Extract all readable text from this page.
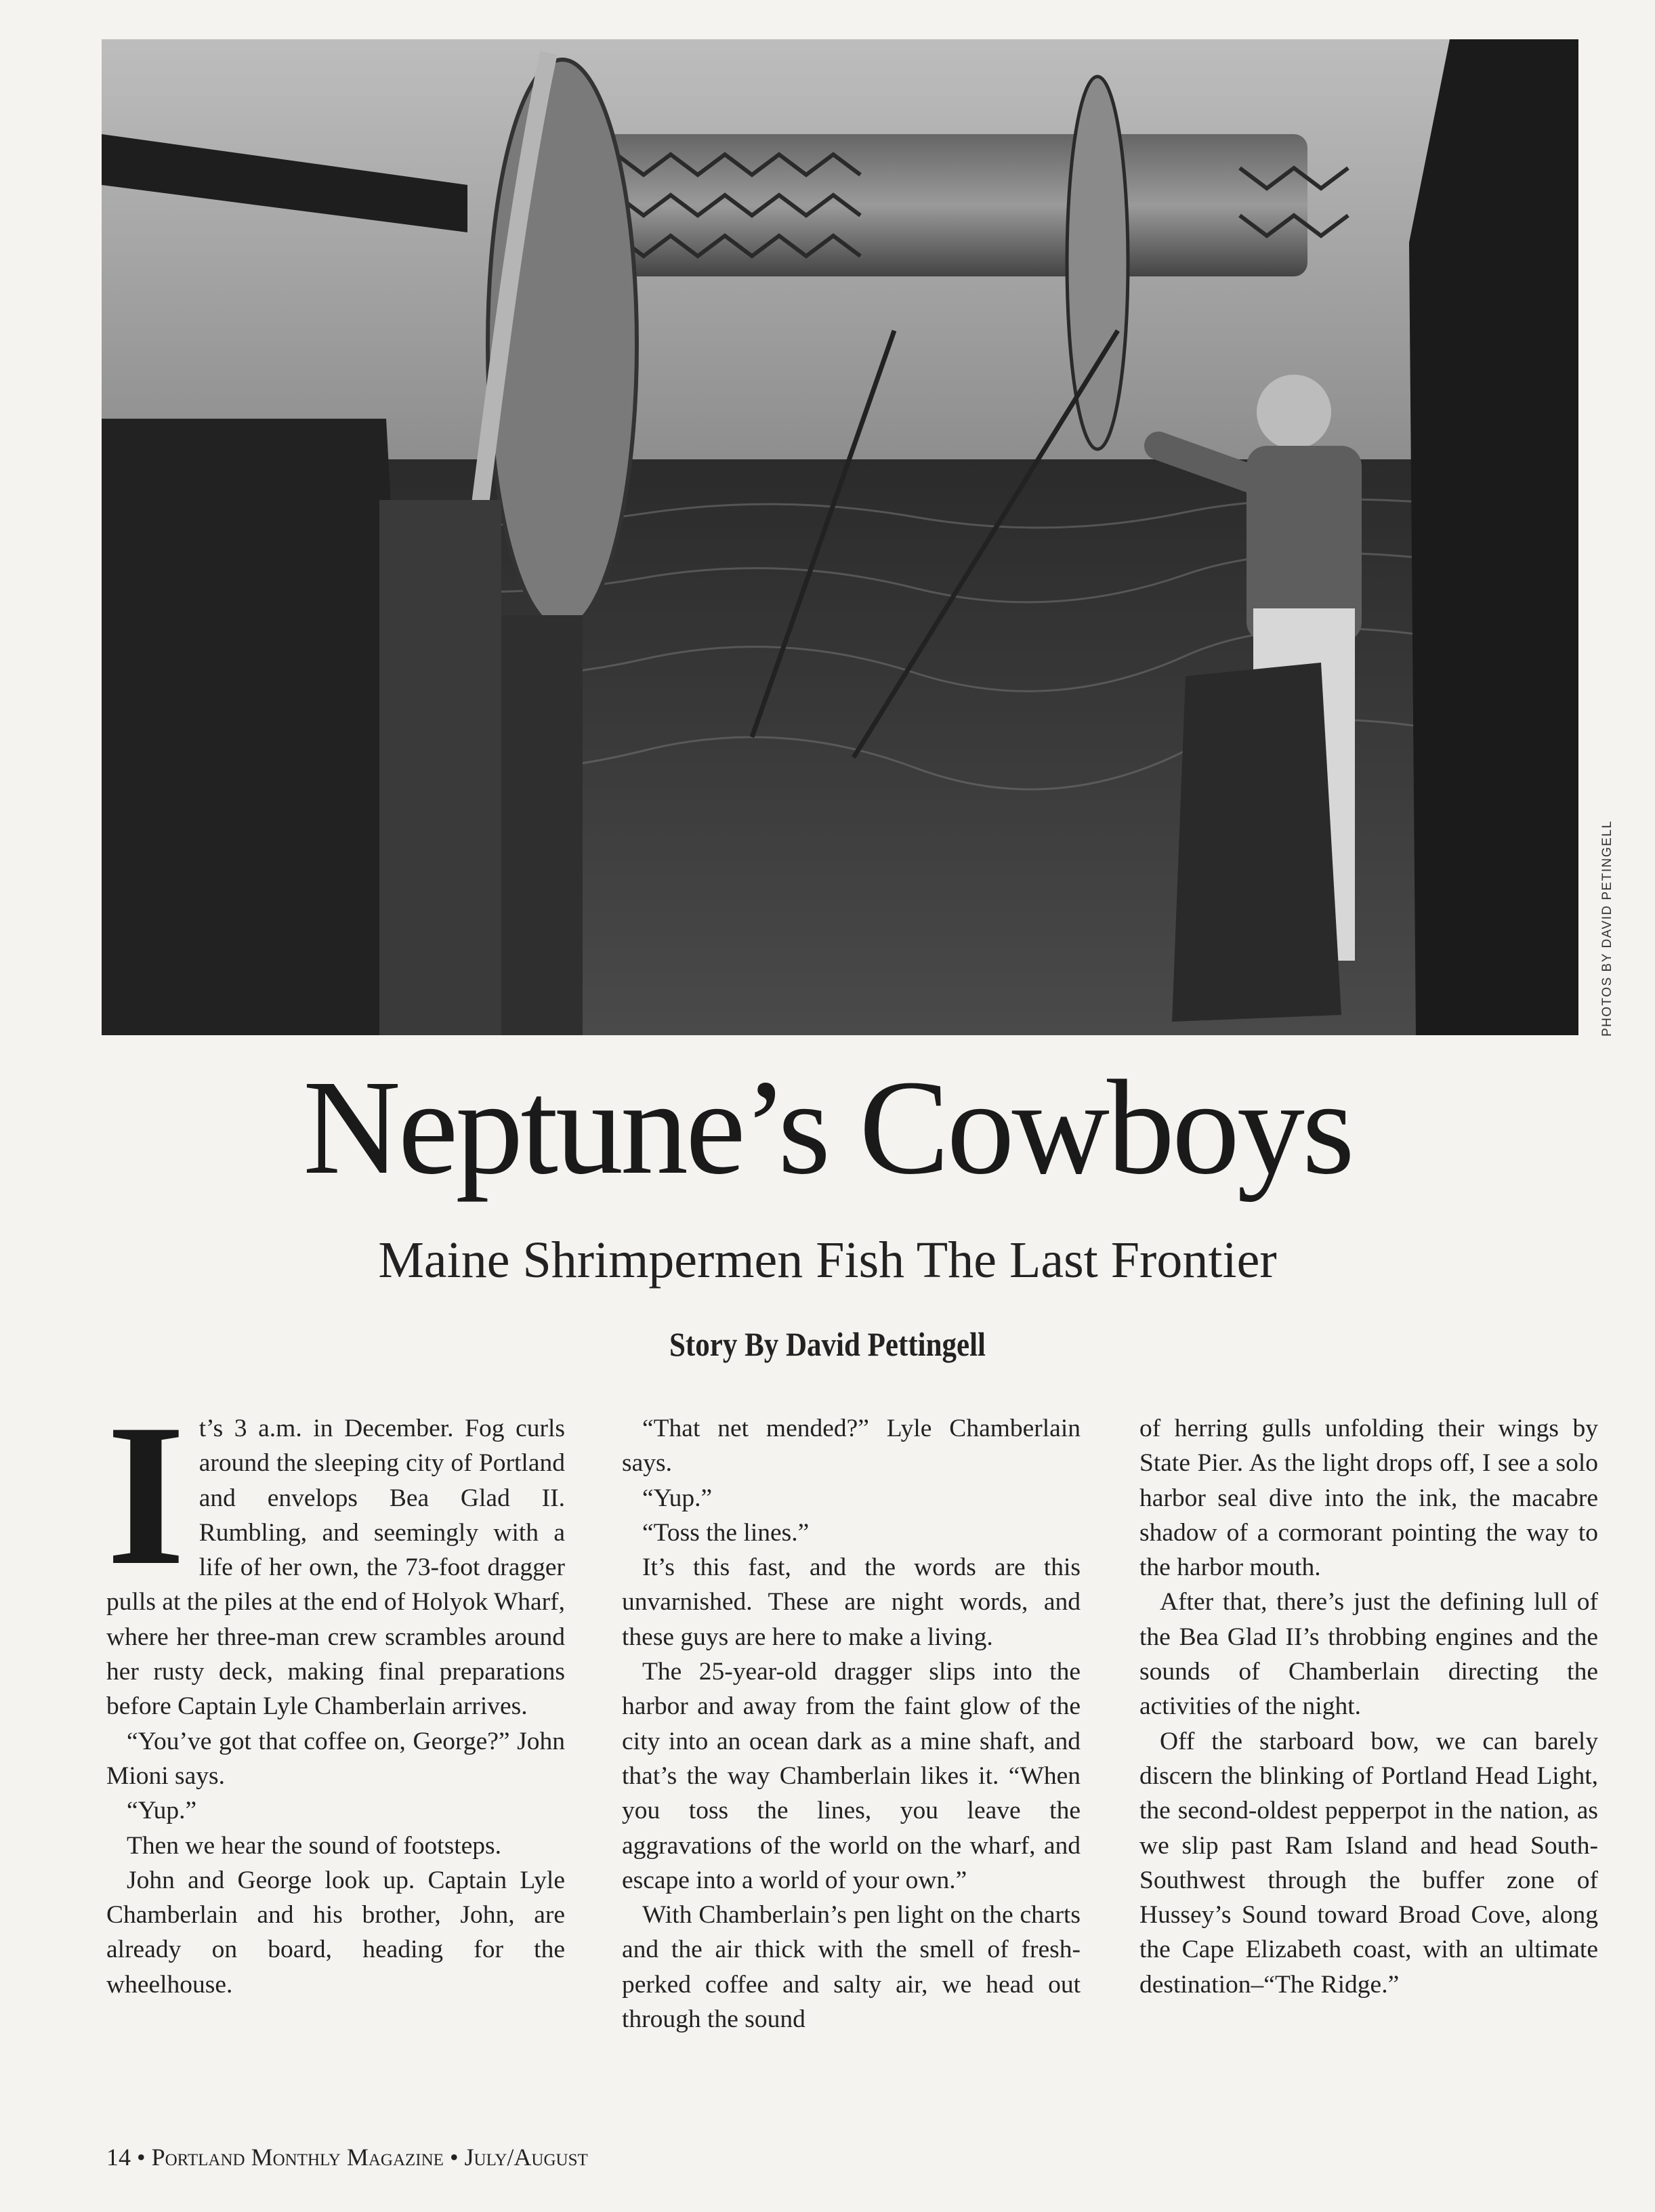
PHOTOS BY DAVID PETINGELL
Neptune’s Cowboys
Maine Shrimpermen Fish The Last Frontier
Story By David Pettingell
I t’s 3 a.m. in December. Fog curls around the sleeping city of Portland and envelops Bea Glad II. Rumbling, and seemingly with a life of her own, the 73-foot dragger pulls at the piles at the end of Holyok Wharf, where her three-man crew scrambles around her rusty deck, making final preparations before Captain Lyle Chamberlain arrives.

“You’ve got that coffee on, George?” John Mioni says.

“Yup.”

Then we hear the sound of footsteps.

John and George look up. Captain Lyle Chamberlain and his brother, John, are already on board, heading for the wheelhouse.

“That net mended?” Lyle Chamberlain says.

“Yup.”

“Toss the lines.”

It’s this fast, and the words are this unvarnished. These are night words, and these guys are here to make a living.

The 25-year-old dragger slips into the harbor and away from the faint glow of the city into an ocean dark as a mine shaft, and that’s the way Chamberlain likes it. “When you toss the lines, you leave the aggravations of the world on the wharf, and escape into a world of your own.”

With Chamberlain’s pen light on the charts and the air thick with the smell of fresh-perked coffee and salty air, we head out through the sound

of herring gulls unfolding their wings by State Pier. As the light drops off, I see a solo harbor seal dive into the ink, the macabre shadow of a cormorant pointing the way to the harbor mouth.

After that, there’s just the defining lull of the Bea Glad II’s throbbing engines and the sounds of Chamberlain directing the activities of the night.

Off the starboard bow, we can barely discern the blinking of Portland Head Light, the second-oldest pepperpot in the nation, as we slip past Ram Island and head South-Southwest through the buffer zone of Hussey’s Sound toward Broad Cove, along the Cape Elizabeth coast, with an ultimate destination–“The Ridge.”

14 • Portland Monthly Magazine • July/August
